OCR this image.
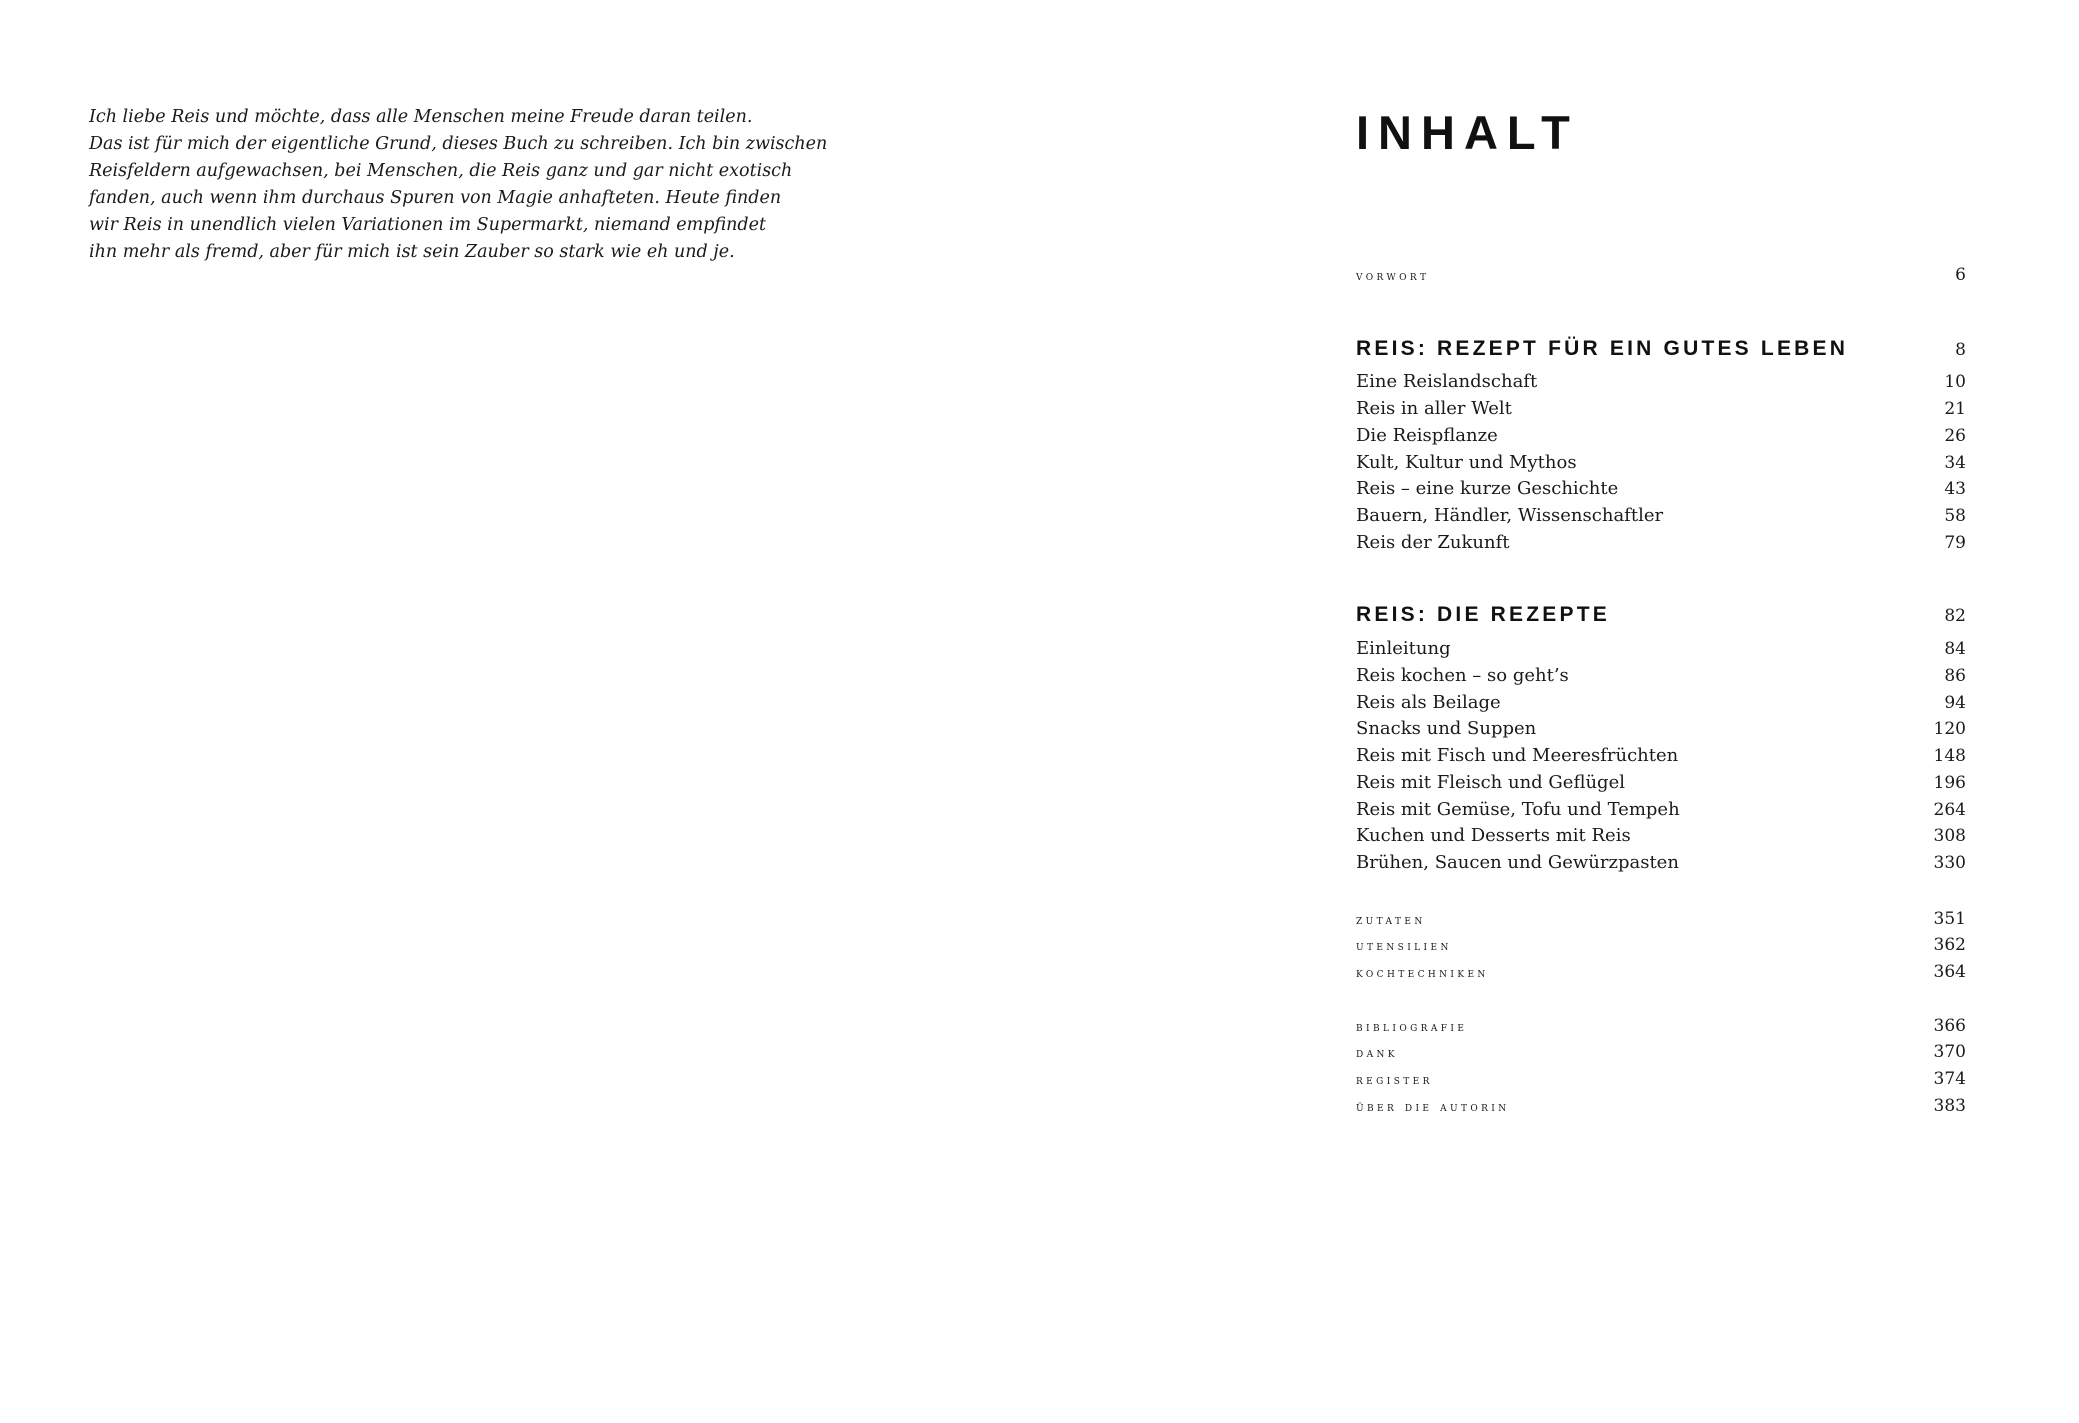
Ich liebe Reis und möchte, dass alle Menschen meine Freude daran teilen.
Das ist für mich der eigentliche Grund, dieses Buch zu schreiben. Ich bin zwischen
Reisfeldern aufgewachsen, bei Menschen, die Reis ganz und gar nicht exotisch
fanden, auch wenn ihm durchaus Spuren von Magie anhafteten. Heute finden
wir Reis in unendlich vielen Variationen im Supermarkt, niemand empfindet
ihn mehr als fremd, aber für mich ist sein Zauber so stark wie eh und je.
INHALT
vorwort	6
REIS: REZEPT FÜR EIN GUTES LEBEN	8
Eine Reislandschaft	10
Reis in aller Welt	21
Die Reispflanze	26
Kult, Kultur und Mythos	34
Reis – eine kurze Geschichte	43
Bauern, Händler, Wissenschaftler	58
Reis der Zukunft	79
REIS: DIE REZEPTE	82
Einleitung	84
Reis kochen – so geht’s	86
Reis als Beilage	94
Snacks und Suppen	120
Reis mit Fisch und Meeresfrüchten	148
Reis mit Fleisch und Geflügel	196
Reis mit Gemüse, Tofu und Tempeh	264
Kuchen und Desserts mit Reis	308
Brühen, Saucen und Gewürzpasten	330
zutaten	351
utensilien	362
kochtechniken	364
bibliografie	366
dank	370
register	374
über die autorin	383
